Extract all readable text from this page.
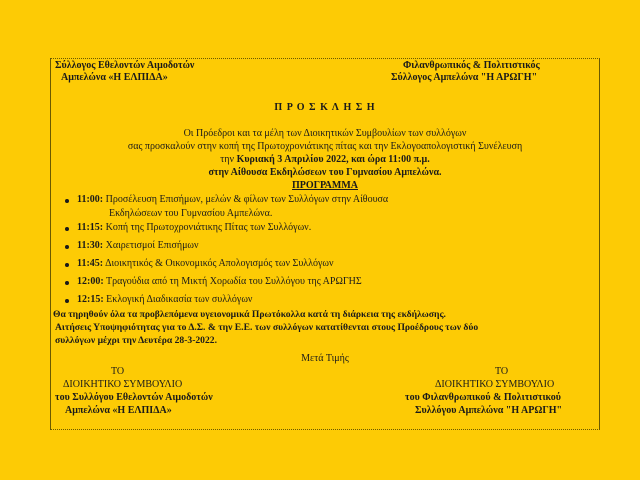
Σύλλογος Εθελοντών Αιμοδοτών
Αμπελώνα «Η ΕΛΠΙΔΑ»
Φιλανθρωπικός & Πολιτιστικός
Σύλλογος Αμπελώνα "Η ΑΡΩΓΗ"
Π Ρ Ο Σ Κ Λ Η Σ Η
Οι Πρόεδροι και τα μέλη των Διοικητικών Συμβουλίων των συλλόγων
σας προσκαλούν στην κοπή της Πρωτοχρονιάτικης πίτας και την Εκλογοαπολογιστική Συνέλευση
την Κυριακή 3 Απριλίου 2022, και ώρα 11:00 π.μ.
στην Αίθουσα Εκδηλώσεων του Γυμνασίου Αμπελώνα.
ΠΡΟΓΡΑΜΜΑ
11:00: Προσέλευση Επισήμων, μελών & φίλων των Συλλόγων στην Αίθουσα
Εκδηλώσεων του Γυμνασίου Αμπελώνα.
11:15: Κοπή της Πρωτοχρονιάτικης Πίτας των Συλλόγων.
11:30: Χαιρετισμοί Επισήμων
11:45: Διοικητικός & Οικονομικός Απολογισμός των Συλλόγων
12:00: Τραγούδια από τη Μικτή Χορωδία του Συλλόγου της ΑΡΩΓΗΣ
12:15: Εκλογική Διαδικασία των συλλόγων
Θα τηρηθούν όλα τα προβλεπόμενα υγειονομικά Πρωτόκολλα κατά τη διάρκεια της εκδήλωσης.
Αιτήσεις Υποψηφιότητας για το Δ.Σ. & την Ε.Ε. των συλλόγων κατατίθενται στους Προέδρους των δύο
συλλόγων μέχρι την Δευτέρα 28-3-2022.
Μετά Τιμής
ΤΟ
ΔΙΟΙΚΗΤΙΚΟ ΣΥΜΒΟΥΛΙΟ
του Συλλόγου Εθελοντών Αιμοδοτών
Αμπελώνα «Η ΕΛΠΙΔΑ»
ΤΟ
ΔΙΟΙΚΗΤΙΚΟ ΣΥΜΒΟΥΛΙΟ
του Φιλανθρωπικού & Πολιτιστικού
Συλλόγου Αμπελώνα "Η ΑΡΩΓΗ"
